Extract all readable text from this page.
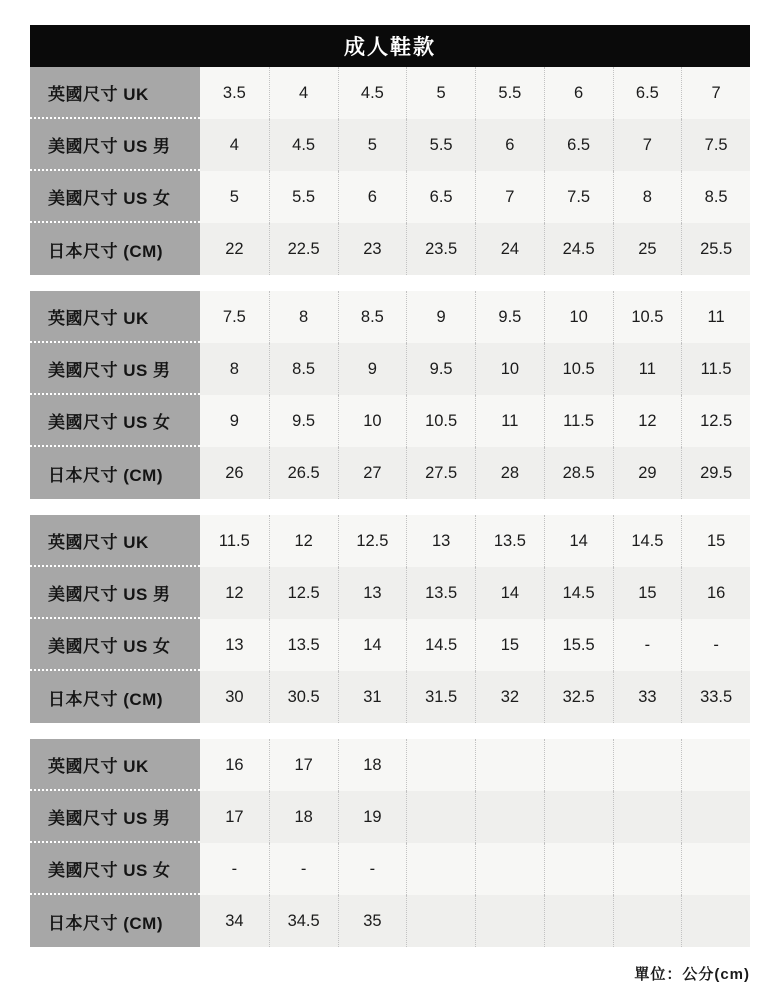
成人鞋款
英國尺寸 UK	3.5	4	4.5	5	5.5	6	6.5	7
美國尺寸 US 男	4	4.5	5	5.5	6	6.5	7	7.5
美國尺寸 US 女	5	5.5	6	6.5	7	7.5	8	8.5
日本尺寸 (CM)	22	22.5	23	23.5	24	24.5	25	25.5
英國尺寸 UK	7.5	8	8.5	9	9.5	10	10.5	11
美國尺寸 US 男	8	8.5	9	9.5	10	10.5	11	11.5
美國尺寸 US 女	9	9.5	10	10.5	11	11.5	12	12.5
日本尺寸 (CM)	26	26.5	27	27.5	28	28.5	29	29.5
英國尺寸 UK	11.5	12	12.5	13	13.5	14	14.5	15
美國尺寸 US 男	12	12.5	13	13.5	14	14.5	15	16
美國尺寸 US 女	13	13.5	14	14.5	15	15.5	-	-
日本尺寸 (CM)	30	30.5	31	31.5	32	32.5	33	33.5
英國尺寸 UK	16	17	18
美國尺寸 US 男	17	18	19
美國尺寸 US 女	-	-	-
日本尺寸 (CM)	34	34.5	35
單位：公分(cm)
